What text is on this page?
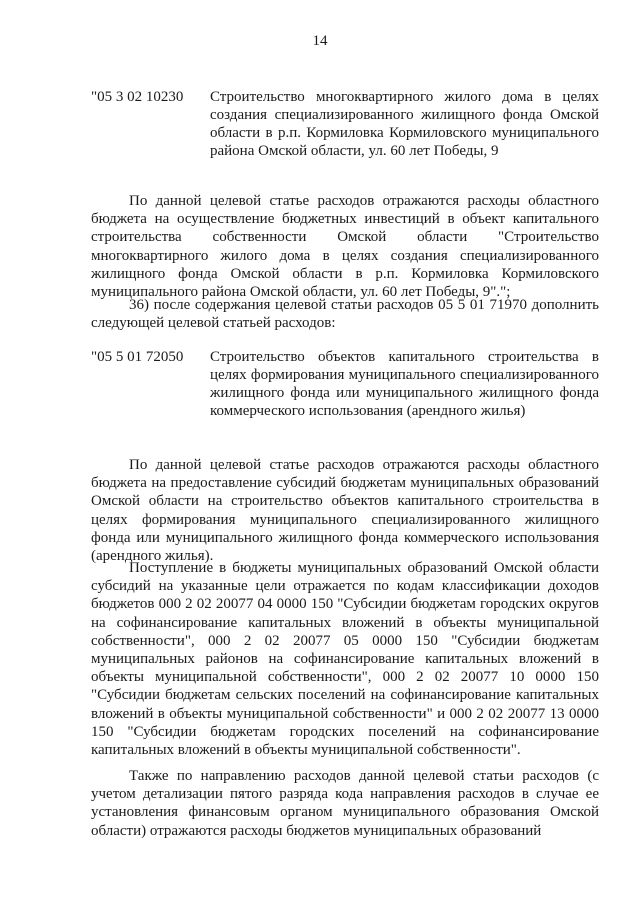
14
"05 3 02 10230 Строительство многоквартирного жилого дома в целях создания специализированного жилищного фонда Омской области в р.п. Кормиловка Кормиловского муниципального района Омской области, ул. 60 лет Победы, 9

По данной целевой статье расходов отражаются расходы областного бюджета на осуществление бюджетных инвестиций в объект капитального строительства собственности Омской области "Строительство многоквартирного жилого дома в целях создания специализированного жилищного фонда Омской области в р.п. Кормиловка Кормиловского муниципального района Омской области, ул. 60 лет Победы, 9".";

36) после содержания целевой статьи расходов 05 5 01 71970 дополнить следующей целевой статьей расходов:

"05 5 01 72050 Строительство объектов капитального строительства в целях формирования муниципального специализированного жилищного фонда или муниципального жилищного фонда коммерческого использования (арендного жилья)

По данной целевой статье расходов отражаются расходы областного бюджета на предоставление субсидий бюджетам муниципальных образований Омской области на строительство объектов капитального строительства в целях формирования муниципального специализированного жилищного фонда или муниципального жилищного фонда коммерческого использования (арендного жилья).

Поступление в бюджеты муниципальных образований Омской области субсидий на указанные цели отражается по кодам классификации доходов бюджетов 000 2 02 20077 04 0000 150 "Субсидии бюджетам городских округов на софинансирование капитальных вложений в объекты муниципальной собственности", 000 2 02 20077 05 0000 150 "Субсидии бюджетам муниципальных районов на софинансирование капитальных вложений в объекты муниципальной собственности", 000 2 02 20077 10 0000 150 "Субсидии бюджетам сельских поселений на софинансирование капитальных вложений в объекты муниципальной собственности" и 000 2 02 20077 13 0000 150 "Субсидии бюджетам городских поселений на софинансирование капитальных вложений в объекты муниципальной собственности".

Также по направлению расходов данной целевой статьи расходов (с учетом детализации пятого разряда кода направления расходов в случае ее установления финансовым органом муниципального образования Омской области) отражаются расходы бюджетов муниципальных образований
